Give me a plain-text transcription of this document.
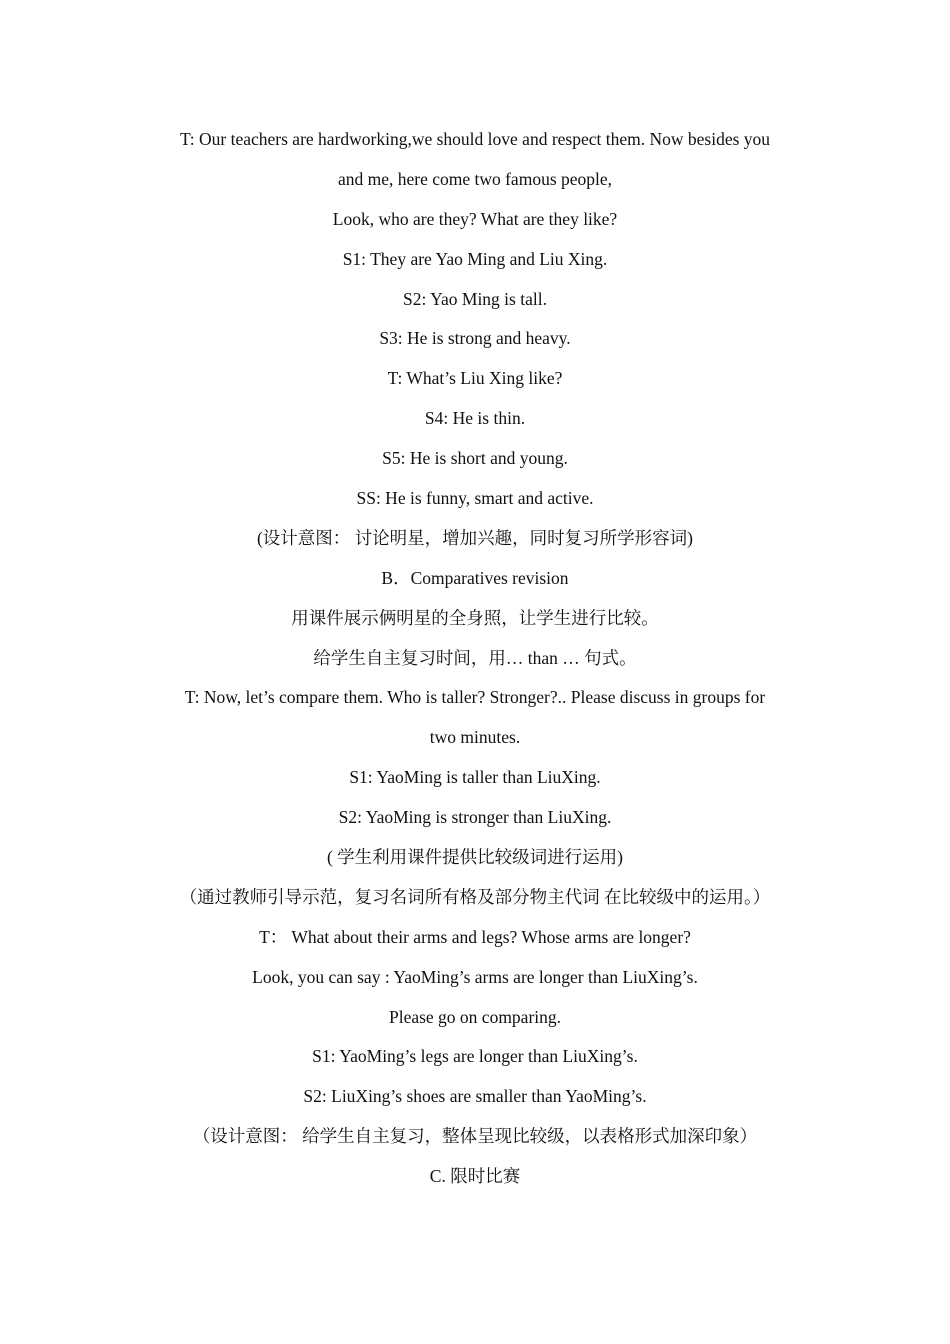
T: Our teachers are hardworking,we should love and respect them. Now besides you
and me, here come two famous people,
Look, who are they? What are they like?
S1: They are Yao Ming and Liu Xing.
S2: Yao Ming is tall.
S3: He is strong and heavy.
T: What’s Liu Xing like?
S4: He is thin.
S5: He is short and young.
SS: He is funny, smart and active.
(设计意图： 讨论明星，增加兴趣，同时复习所学形容词)
B．Comparatives revision
用课件展示俩明星的全身照，让学生进行比较。
给学生自主复习时间，用… than … 句式。
T: Now, let’s compare them. Who is taller? Stronger?.. Please discuss in groups for
two minutes.
S1: YaoMing is taller than LiuXing.
S2: YaoMing is stronger than LiuXing.
( 学生利用课件提供比较级词进行运用)
（通过教师引导示范，复习名词所有格及部分物主代词 在比较级中的运用。）
T： What about their arms and legs? Whose arms are longer?
Look, you can say : YaoMing’s arms are longer than LiuXing’s.
Please go on comparing.
S1: YaoMing’s legs are longer than LiuXing’s.
S2: LiuXing’s shoes are smaller than YaoMing’s.
（设计意图： 给学生自主复习，整体呈现比较级，以表格形式加深印象）
C. 限时比赛
